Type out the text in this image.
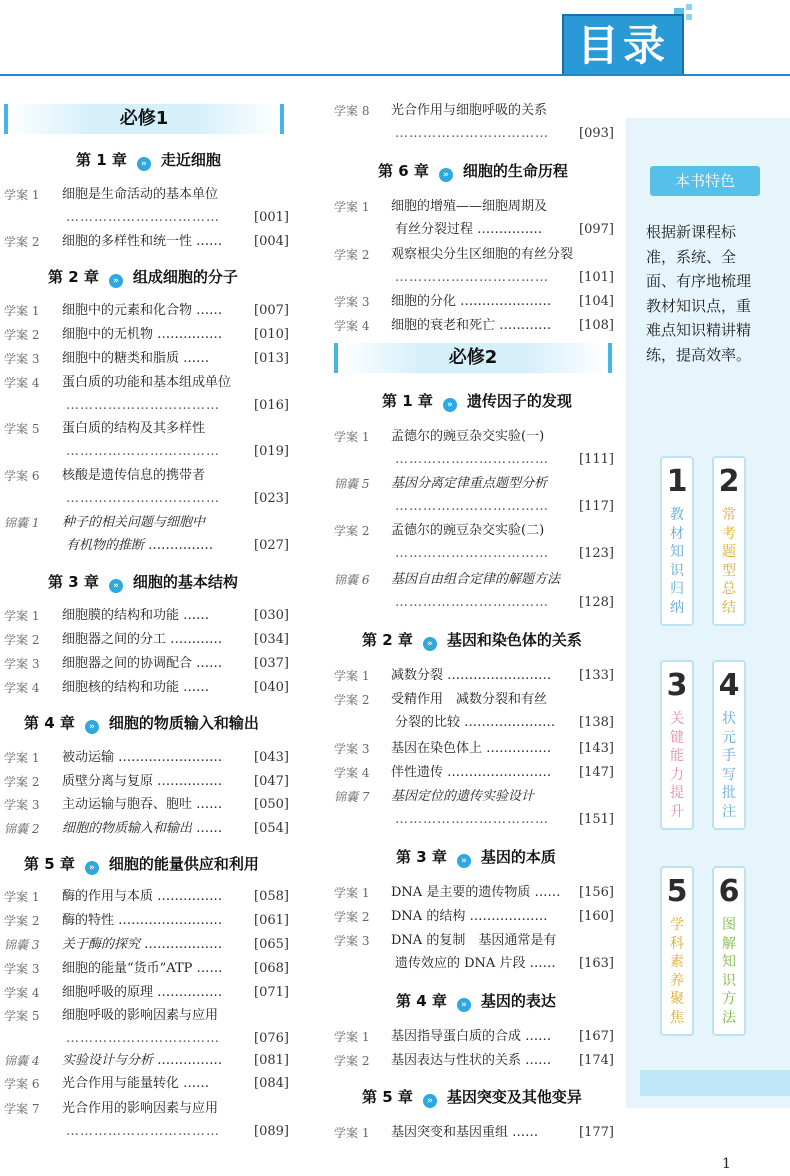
目录
本书特色
根据新课程标准，系统、全面、有序地梳理教材知识点，重难点知识精讲精练，提高效率。
1
教材知识归纳
2
常考题型总结
3
关键能力提升
4
状元手写批注
5
学科素养聚焦
6
图解知识方法
必修1
第 1 章 » 走近细胞
学案 1 细胞是生命活动的基本单位
……………………………	[001]
学案 2 细胞的多样性和统一性 …… [004]
第 2 章 » 组成细胞的分子
学案 1 细胞中的元素和化合物 …… [007]
学案 2 细胞中的无机物 …………… [010]
学案 3 细胞中的糖类和脂质 ……	[013]
学案 4 蛋白质的功能和基本组成单位
……………………………	[016]
学案 5 蛋白质的结构及其多样性
……………………………	[019]
学案 6 核酸是遗传信息的携带者
……………………………	[023]
锦囊 1 种子的相关问题与细胞中
有机物的推断 ……………	[027]
第 3 章 » 细胞的基本结构
学案 1 细胞膜的结构和功能 ……	[030]
学案 2 细胞器之间的分工 ………… [034]
学案 3 细胞器之间的协调配合 …… [037]
学案 4 细胞核的结构和功能 ……	[040]
第 4 章 » 细胞的物质输入和输出
学案 1 被动运输 …………………… [043]
学案 2 质壁分离与复原 …………… [047]
学案 3 主动运输与胞吞、胞吐 …… [050]
锦囊 2 细胞的物质输入和输出 …… [054]
第 5 章 » 细胞的能量供应和利用
学案 1 酶的作用与本质 …………… [058]
学案 2 酶的特性 …………………… [061]
锦囊 3 关于酶的探究 ……………… [065]
学案 3 细胞的能量“货币”ATP …… [068]
学案 4 细胞呼吸的原理 …………… [071]
学案 5 细胞呼吸的影响因素与应用
……………………………	[076]
锦囊 4 实验设计与分析 …………… [081]
学案 6 光合作用与能量转化 ……	[084]
学案 7 光合作用的影响因素与应用
……………………………	[089]
学案 8 光合作用与细胞呼吸的关系
…………………………… [093]
第 6 章 » 细胞的生命历程
学案 1 细胞的增殖——细胞周期及
有丝分裂过程 ……………	[097]
学案 2 观察根尖分生区细胞的有丝分裂
…………………………… [101]
学案 3 细胞的分化 ………………… [104]
学案 4 细胞的衰老和死亡 ………… [108]
必修2
第 1 章 » 遗传因子的发现
学案 1 孟德尔的豌豆杂交实验(一)
…………………………… [111]
锦囊 5 基因分离定律重点题型分析
…………………………… [117]
学案 2 孟德尔的豌豆杂交实验(二)
…………………………… [123]
锦囊 6 基因自由组合定律的解题方法
…………………………… [128]
第 2 章 » 基因和染色体的关系
学案 1 减数分裂 …………………… [133]
学案 2 受精作用　减数分裂和有丝
分裂的比较 ………………… [138]
学案 3 基因在染色体上 …………… [143]
学案 4 伴性遗传 …………………… [147]
锦囊 7 基因定位的遗传实验设计
…………………………… [151]
第 3 章 » 基因的本质
学案 1 DNA 是主要的遗传物质 …… [156]
学案 2 DNA 的结构 ……………… [160]
学案 3 DNA 的复制　基因通常是有
遗传效应的 DNA 片段 …… [163]
第 4 章 » 基因的表达
学案 1 基因指导蛋白质的合成 …… [167]
学案 2 基因表达与性状的关系 …… [174]
第 5 章 » 基因突变及其他变异
学案 1 基因突变和基因重组 ……	[177]
1
